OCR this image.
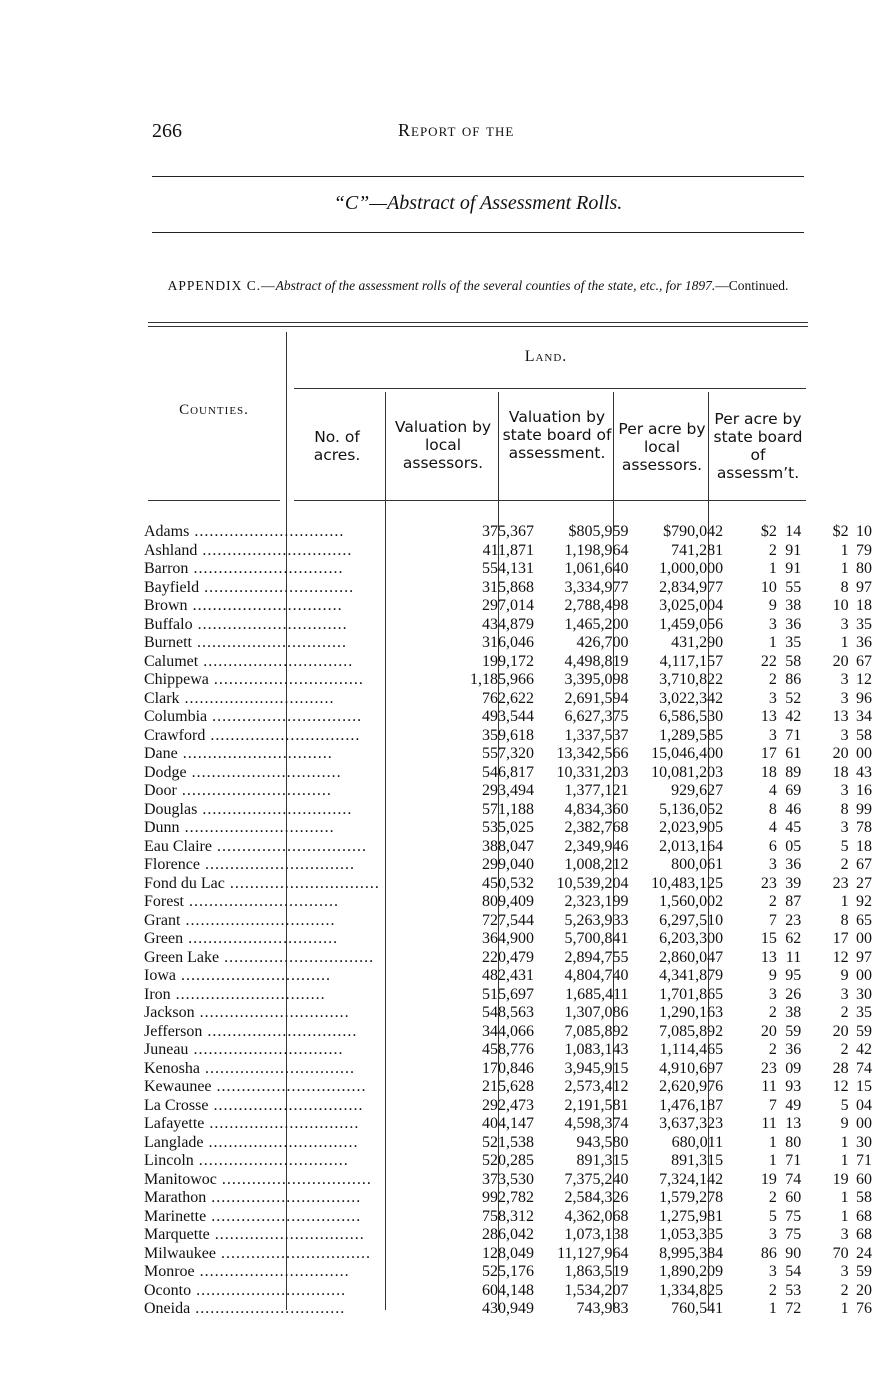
266	Report of the
“C”—Abstract of Assessment Rolls.
APPENDIX C.—Abstract of the assessment rolls of the several counties of the state, etc., for 1897.—Continued.
Land.
Counties.
No. of acres.
Valuation by local assessors.
Valuation by state board of assessment.
Per acre by local assessors.
Per acre by state board of assessm’t.
Adams ..............................	375,367	$805,959	$790,042	$2		14	$2		10
Ashland ..............................	411,871	1,198,964	741,281	2		91	1		79
Barron ..............................	554,131	1,061,640	1,000,000	1		91	1		80
Bayfield ..............................	315,868	3,334,977	2,834,977	10		55	8		97
Brown ..............................	297,014	2,788,498	3,025,004	9		38	10		18
Buffalo ..............................	434,879	1,465,200	1,459,056	3		36	3		35
Burnett ..............................	316,046	426,700	431,290	1		35	1		36
Calumet ..............................	199,172	4,498,819	4,117,157	22		58	20		67
Chippewa ..............................	1,185,966	3,395,098	3,710,822	2		86	3		12
Clark ..............................	762,622	2,691,594	3,022,342	3		52	3		96
Columbia ..............................	493,544	6,627,375	6,586,530	13		42	13		34
Crawford ..............................	359,618	1,337,537	1,289,585	3		71	3		58
Dane ..............................	557,320	13,342,566	15,046,400	17		61	20		00
Dodge ..............................	546,817	10,331,203	10,081,203	18		89	18		43
Door ..............................	293,494	1,377,121	929,627	4		69	3		16
Douglas ..............................	571,188	4,834,360	5,136,052	8		46	8		99
Dunn ..............................	535,025	2,382,768	2,023,905	4		45	3		78
Eau Claire ..............................	388,047	2,349,946	2,013,164	6		05	5		18
Florence ..............................	299,040	1,008,212	800,061	3		36	2		67
Fond du Lac ..............................	450,532	10,539,204	10,483,125	23		39	23		27
Forest ..............................	809,409	2,323,199	1,560,002	2		87	1		92
Grant ..............................	727,544	5,263,933	6,297,510	7		23	8		65
Green ..............................	364,900	5,700,841	6,203,300	15		62	17		00
Green Lake ..............................	220,479	2,894,755	2,860,047	13		11	12		97
Iowa ..............................	482,431	4,804,740	4,341,879	9		95	9		00
Iron ..............................	515,697	1,685,411	1,701,865	3		26	3		30
Jackson ..............................	548,563	1,307,086	1,290,163	2		38	2		35
Jefferson ..............................	344,066	7,085,892	7,085,892	20		59	20		59
Juneau ..............................	458,776	1,083,143	1,114,465	2		36	2		42
Kenosha ..............................	170,846	3,945,915	4,910,697	23		09	28		74
Kewaunee ..............................	215,628	2,573,412	2,620,976	11		93	12		15
La Crosse ..............................	292,473	2,191,581	1,476,187	7		49	5		04
Lafayette ..............................	404,147	4,598,374	3,637,323	11		13	9		00
Langlade ..............................	521,538	943,580	680,011	1		80	1		30
Lincoln ..............................	520,285	891,315	891,315	1		71	1		71
Manitowoc ..............................	373,530	7,375,240	7,324,142	19		74	19		60
Marathon ..............................	992,782	2,584,326	1,579,278	2		60	1		58
Marinette ..............................	758,312	4,362,068	1,275,981	5		75	1		68
Marquette ..............................	286,042	1,073,138	1,053,335	3		75	3		68
Milwaukee ..............................	128,049	11,127,964	8,995,384	86		90	70		24
Monroe ..............................	525,176	1,863,519	1,890,209	3		54	3		59
Oconto ..............................	604,148	1,534,207	1,334,825	2		53	2		20
Oneida ..............................	430,949	743,983	760,541	1		72	1		76
